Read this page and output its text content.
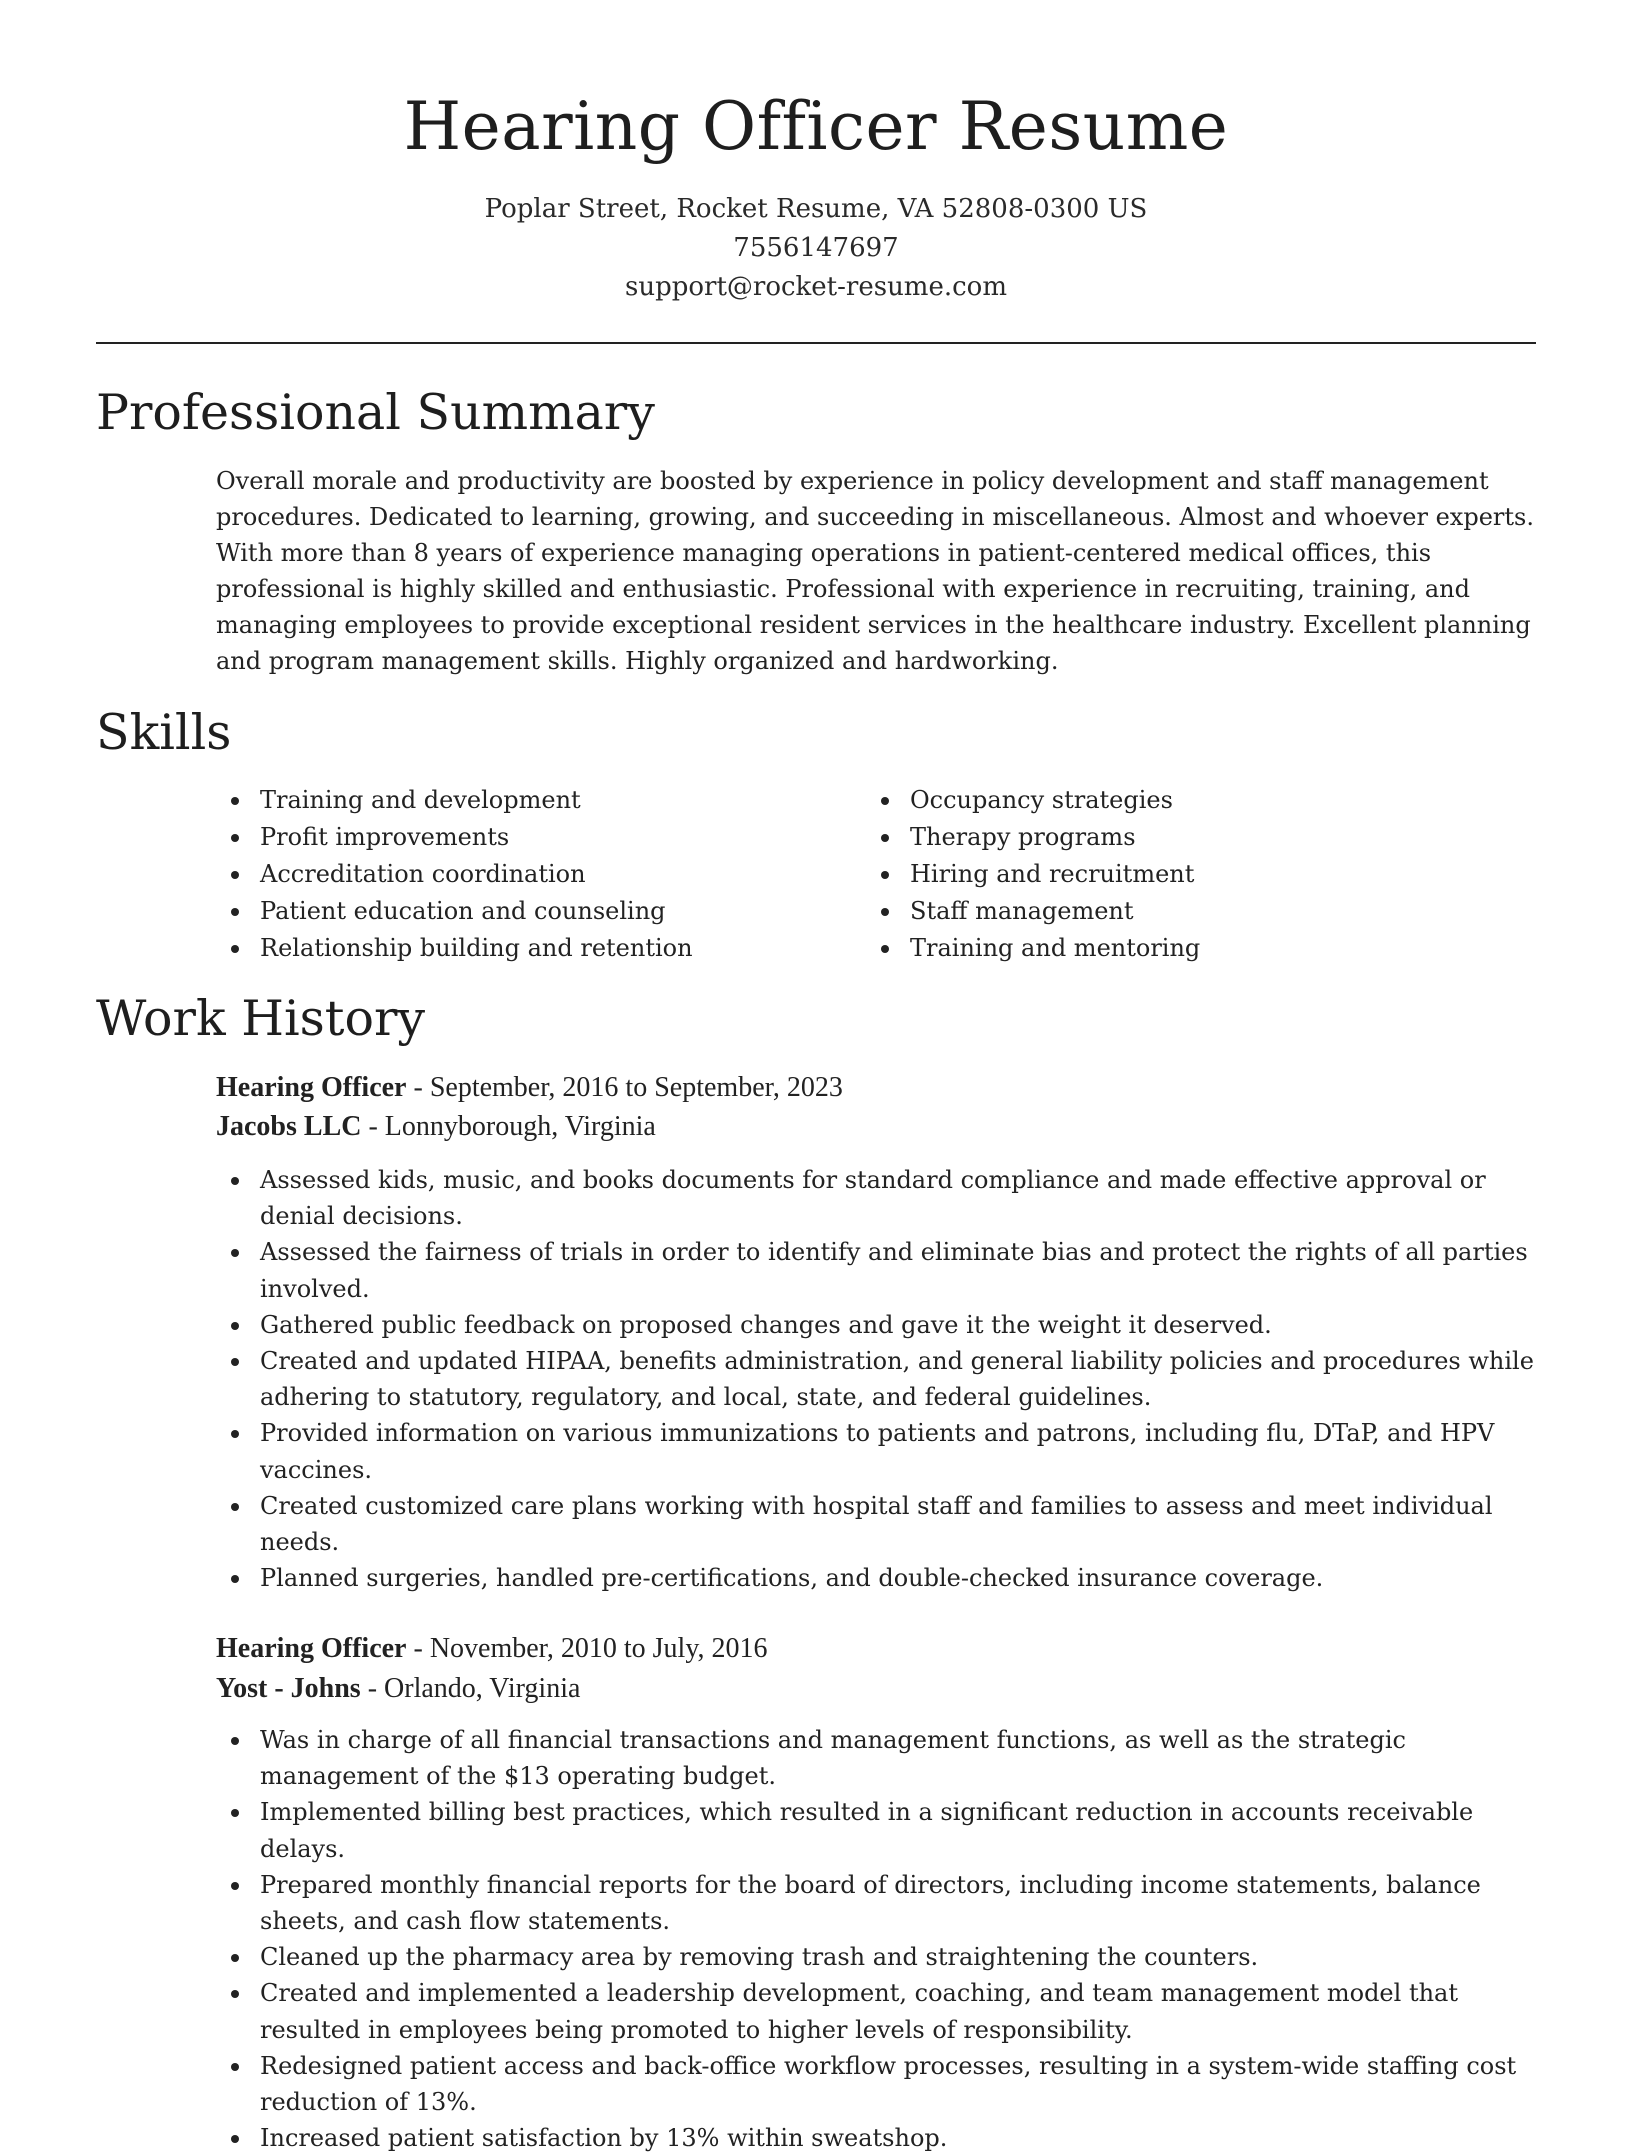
Hearing Officer Resume
Poplar Street, Rocket Resume, VA 52808-0300 US
7556147697
support@rocket-resume.com
Professional Summary

Overall morale and productivity are boosted by experience in policy development and staff management procedures. Dedicated to learning, growing, and succeeding in miscellaneous. Almost and whoever experts. With more than 8 years of experience managing operations in patient-centered medical offices, this professional is highly skilled and enthusiastic. Professional with experience in recruiting, training, and managing employees to provide exceptional resident services in the healthcare industry. Excellent planning and program management skills. Highly organized and hardworking.

Skills
Training and development
Profit improvements
Accreditation coordination
Patient education and counseling
Relationship building and retention
Occupancy strategies
Therapy programs
Hiring and recruitment
Staff management
Training and mentoring
Work History
Hearing Officer - September, 2016 to September, 2023
Jacobs LLC - Lonnyborough, Virginia
Assessed kids, music, and books documents for standard compliance and made effective approval or denial decisions.
Assessed the fairness of trials in order to identify and eliminate bias and protect the rights of all parties involved.
Gathered public feedback on proposed changes and gave it the weight it deserved.
Created and updated HIPAA, benefits administration, and general liability policies and procedures while adhering to statutory, regulatory, and local, state, and federal guidelines.
Provided information on various immunizations to patients and patrons, including flu, DTaP, and HPV vaccines.
Created customized care plans working with hospital staff and families to assess and meet individual needs.
Planned surgeries, handled pre-certifications, and double-checked insurance coverage.
Hearing Officer - November, 2010 to July, 2016
Yost - Johns - Orlando, Virginia
Was in charge of all financial transactions and management functions, as well as the strategic management of the $13 operating budget.
Implemented billing best practices, which resulted in a significant reduction in accounts receivable delays.
Prepared monthly financial reports for the board of directors, including income statements, balance sheets, and cash flow statements.
Cleaned up the pharmacy area by removing trash and straightening the counters.
Created and implemented a leadership development, coaching, and team management model that resulted in employees being promoted to higher levels of responsibility.
Redesigned patient access and back-office workflow processes, resulting in a system-wide staffing cost reduction of 13%.
Increased patient satisfaction by 13% within sweatshop.
